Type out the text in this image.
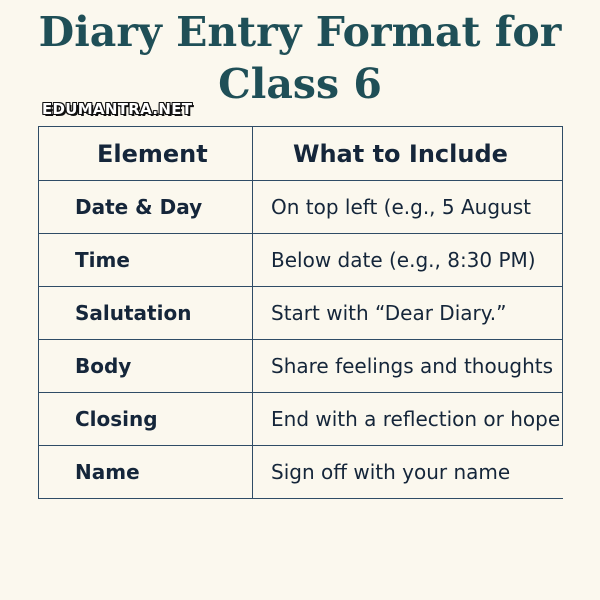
Diary Entry Format for
Class 6
EDUMANTRA.NET
Element	What to Include
Date & Day	On top left (e.g., 5 August
Time	Below date (e.g., 8:30 PM)
Salutation	Start with “Dear Diary.”
Body	Share feelings and thoughts
Closing	End with a reflection or hope
Name	Sign off with your name
